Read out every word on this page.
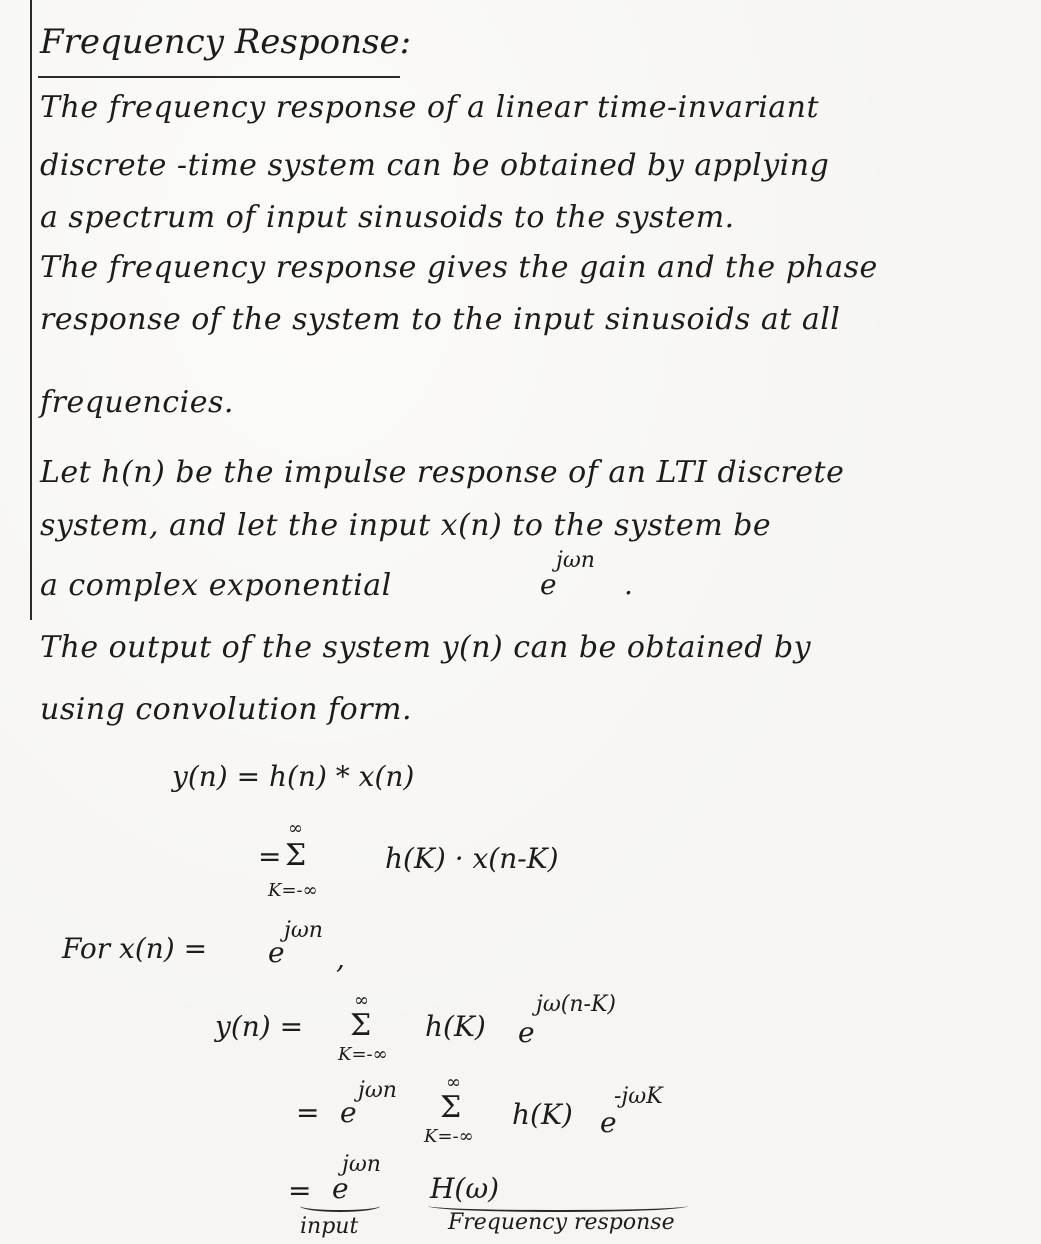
Frequency Response:
The frequency response of a linear time-invariant
discrete -time system can be obtained by applying
a spectrum of input sinusoids to the system.
The frequency response gives the gain and the phase
response of the system to the input sinusoids at all
frequencies.
Let h(n) be the impulse response of an LTI discrete
system, and let the input x(n) to the system be
a complex exponential	e
jωn
.
The output of the system y(n) can be obtained by
using convolution form.
y(n) = h(n) * x(n)
=
∞
Σ
K=-∞
h(K) · x(n-K)
For x(n) = e
jωn
,
y(n) =
∞
Σ
K=-∞
h(K) e
jω(n-K)
= e
jωn	∞
Σ
K=-∞
h(K) e
-jωK
= e
jωn
H(ω)
input	Frequency response
